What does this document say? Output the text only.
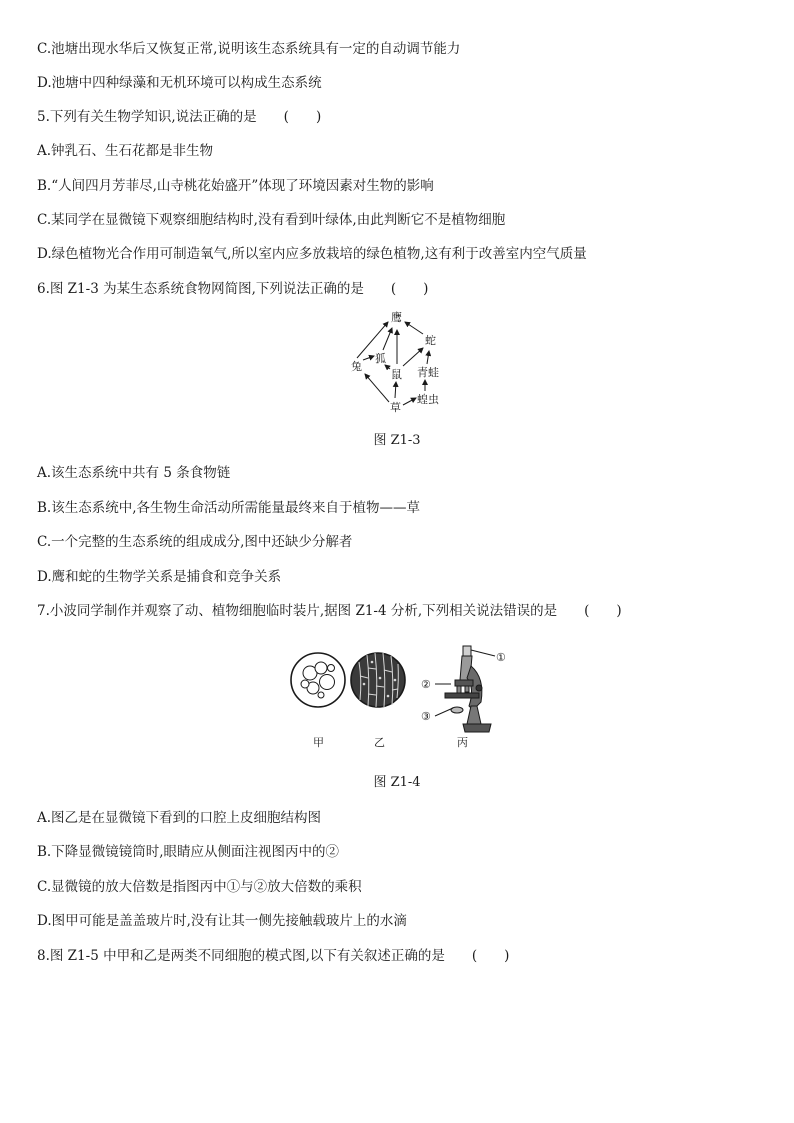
C.池塘出现水华后又恢复正常,说明该生态系统具有一定的自动调节能力
D.池塘中四种绿藻和无机环境可以构成生态系统
5.下列有关生物学知识,说法正确的是　　(　　)
A.钟乳石、生石花都是非生物
B.“人间四月芳菲尽,山寺桃花始盛开”体现了环境因素对生物的影响
C.某同学在显微镜下观察细胞结构时,没有看到叶绿体,由此判断它不是植物细胞
D.绿色植物光合作用可制造氧气,所以室内应多放栽培的绿色植物,这有利于改善室内空气质量
6.图 Z1-3 为某生态系统食物网简图,下列说法正确的是　　(　　)
鹰
蛇
狐
兔
鼠 青蛙
草
蝗虫
图 Z1-3
A.该生态系统中共有 5 条食物链
B.该生态系统中,各生物生命活动所需能量最终来自于植物——草
C.一个完整的生态系统的组成成分,图中还缺少分解者
D.鹰和蛇的生物学关系是捕食和竞争关系
7.小波同学制作并观察了动、植物细胞临时装片,据图 Z1-4 分析,下列相关说法错误的是　　(　　)
①
②
③
甲	乙	丙
图 Z1-4
A.图乙是在显微镜下看到的口腔上皮细胞结构图
B.下降显微镜镜筒时,眼睛应从侧面注视图丙中的②
C.显微镜的放大倍数是指图丙中①与②放大倍数的乘积
D.图甲可能是盖盖玻片时,没有让其一侧先接触载玻片上的水滴
8.图 Z1-5 中甲和乙是两类不同细胞的模式图,以下有关叙述正确的是　　(　　)
